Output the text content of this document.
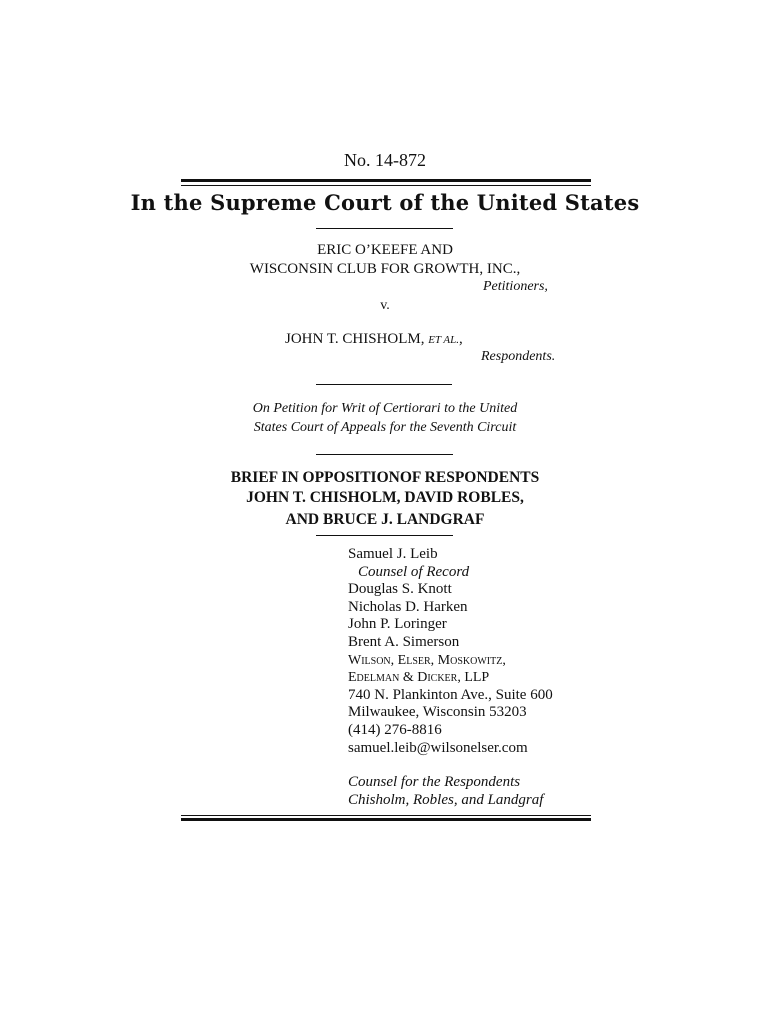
No. 14-872
In the Supreme Court of the United States
ERIC O’KEEFE AND
WISCONSIN CLUB FOR GROWTH, INC.,
Petitioners,
v.
JOHN T. CHISHOLM, ET AL.,
Respondents.
On Petition for Writ of Certiorari to the United
States Court of Appeals for the Seventh Circuit
BRIEF IN OPPOSITIONOF RESPONDENTS
JOHN T. CHISHOLM, DAVID ROBLES,
AND BRUCE J. LANDGRAF
Samuel J. Leib
Counsel of Record
Douglas S. Knott
Nicholas D. Harken
John P. Loringer
Brent A. Simerson
Wilson, Elser, Moskowitz,
Edelman & Dicker, LLP
740 N. Plankinton Ave., Suite 600
Milwaukee, Wisconsin 53203
(414) 276-8816
samuel.leib@wilsonelser.com
Counsel for the Respondents
Chisholm, Robles, and Landgraf
